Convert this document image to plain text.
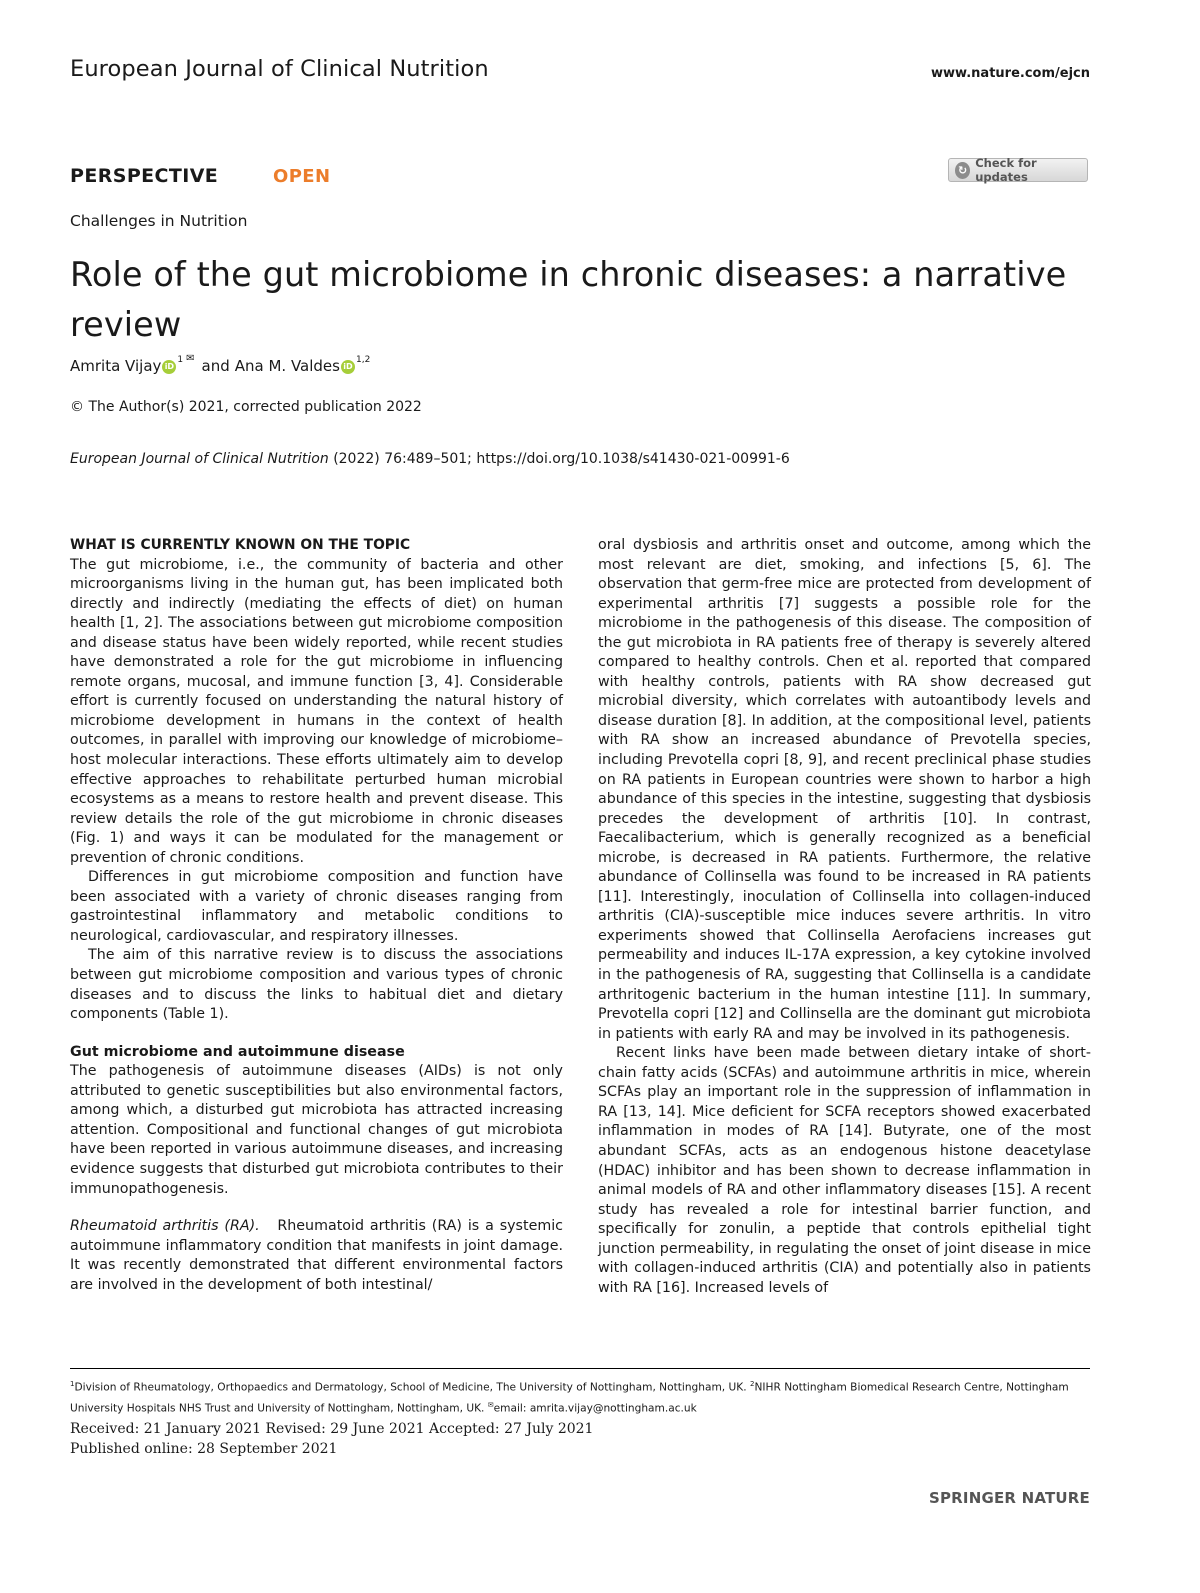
European Journal of Clinical Nutrition	www.nature.com/ejcn
PERSPECTIVE	OPEN	↻ Check for updates
Challenges in Nutrition
Role of the gut microbiome in chronic diseases: a narrative review
Amrita Vijay iD
1 ✉ and Ana M. Valdes iD
1,2
© The Author(s) 2021, corrected publication 2022
European Journal of Clinical Nutrition (2022) 76:489–501; https://doi.org/10.1038/s41430-021-00991-6

WHAT IS CURRENTLY KNOWN ON THE TOPIC

The gut microbiome, i.e., the community of bacteria and other microorganisms living in the human gut, has been implicated both directly and indirectly (mediating the effects of diet) on human health [1, 2]. The associations between gut microbiome composition and disease status have been widely reported, while recent studies have demonstrated a role for the gut microbiome in influencing remote organs, mucosal, and immune function [3, 4]. Considerable effort is currently focused on understanding the natural history of microbiome development in humans in the context of health outcomes, in parallel with improving our knowledge of microbiome–host molecular interactions. These efforts ultimately aim to develop effective approaches to rehabilitate perturbed human microbial ecosystems as a means to restore health and prevent disease. This review details the role of the gut microbiome in chronic diseases (Fig. 1) and ways it can be modulated for the management or prevention of chronic conditions.

Differences in gut microbiome composition and function have been associated with a variety of chronic diseases ranging from gastrointestinal inflammatory and metabolic conditions to neurological, cardiovascular, and respiratory illnesses.

The aim of this narrative review is to discuss the associations between gut microbiome composition and various types of chronic diseases and to discuss the links to habitual diet and dietary components (Table 1).

Gut microbiome and autoimmune disease

The pathogenesis of autoimmune diseases (AIDs) is not only attributed to genetic susceptibilities but also environmental factors, among which, a disturbed gut microbiota has attracted increasing attention. Compositional and functional changes of gut microbiota have been reported in various autoimmune diseases, and increasing evidence suggests that disturbed gut microbiota contributes to their immunopathogenesis.

Rheumatoid arthritis (RA). Rheumatoid arthritis (RA) is a systemic autoimmune inflammatory condition that manifests in joint damage. It was recently demonstrated that different environmental factors are involved in the development of both intestinal/

oral dysbiosis and arthritis onset and outcome, among which the most relevant are diet, smoking, and infections [5, 6]. The observation that germ-free mice are protected from development of experimental arthritis [7] suggests a possible role for the microbiome in the pathogenesis of this disease. The composition of the gut microbiota in RA patients free of therapy is severely altered compared to healthy controls. Chen et al. reported that compared with healthy controls, patients with RA show decreased gut microbial diversity, which correlates with autoantibody levels and disease duration [8]. In addition, at the compositional level, patients with RA show an increased abundance of Prevotella species, including Prevotella copri [8, 9], and recent preclinical phase studies on RA patients in European countries were shown to harbor a high abundance of this species in the intestine, suggesting that dysbiosis precedes the development of arthritis [10]. In contrast, Faecalibacterium, which is generally recognized as a beneficial microbe, is decreased in RA patients. Furthermore, the relative abundance of Collinsella was found to be increased in RA patients [11]. Interestingly, inoculation of Collinsella into collagen-induced arthritis (CIA)-susceptible mice induces severe arthritis. In vitro experiments showed that Collinsella Aerofaciens increases gut permeability and induces IL-17A expression, a key cytokine involved in the pathogenesis of RA, suggesting that Collinsella is a candidate arthritogenic bacterium in the human intestine [11]. In summary, Prevotella copri [12] and Collinsella are the dominant gut microbiota in patients with early RA and may be involved in its pathogenesis.

Recent links have been made between dietary intake of short-chain fatty acids (SCFAs) and autoimmune arthritis in mice, wherein SCFAs play an important role in the suppression of inflammation in RA [13, 14]. Mice deficient for SCFA receptors showed exacerbated inflammation in modes of RA [14]. Butyrate, one of the most abundant SCFAs, acts as an endogenous histone deacetylase (HDAC) inhibitor and has been shown to decrease inflammation in animal models of RA and other inflammatory diseases [15]. A recent study has revealed a role for intestinal barrier function, and specifically for zonulin, a peptide that controls epithelial tight junction permeability, in regulating the onset of joint disease in mice with collagen-induced arthritis (CIA) and potentially also in patients with RA [16]. Increased levels of

$^1$Division of Rheumatology, Orthopaedics and Dermatology, School of Medicine, The University of Nottingham, Nottingham, UK. $^2$NIHR Nottingham Biomedical Research Centre, Nottingham University Hospitals NHS Trust and University of Nottingham, Nottingham, UK. ✉email: amrita.vijay@nottingham.ac.uk
Received: 21 January 2021 Revised: 29 June 2021 Accepted: 27 July 2021
Published online: 28 September 2021
SPRINGER NATURE
